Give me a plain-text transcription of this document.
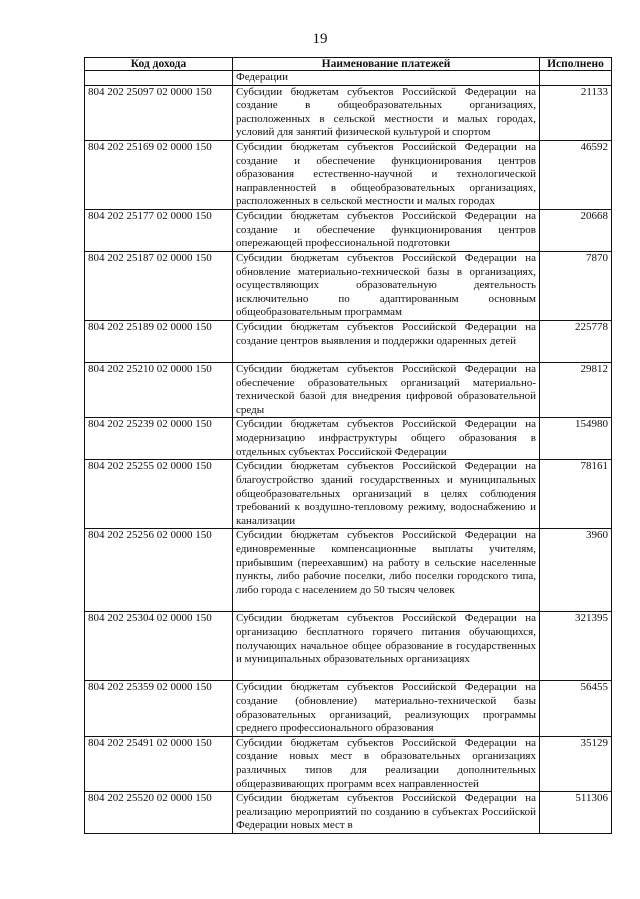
19
Код дохода	Наименование платежей	Исполнено
	Федерации	
804 202 25097 02 0000 150	Субсидии бюджетам субъектов Российской Федерации на создание в общеобразовательных организациях, расположенных в сельской местности и малых городах, условий для занятий физической культурой и спортом	21133
804 202 25169 02 0000 150	Субсидии бюджетам субъектов Российской Федерации на создание и обеспечение функционирования центров образования естественно-научной и технологической направленностей в общеобразовательных организациях, расположенных в сельской местности и малых городах	46592
804 202 25177 02 0000 150	Субсидии бюджетам субъектов Российской Федерации на создание и обеспечение функционирования центров опережающей профессиональной подготовки	20668
804 202 25187 02 0000 150	Субсидии бюджетам субъектов Российской Федерации на обновление материально-технической базы в организациях, осуществляющих образовательную деятельность исключительно по адаптированным основным общеобразовательным программам	7870
804 202 25189 02 0000 150	Субсидии бюджетам субъектов Российской Федерации на создание центров выявления и поддержки одаренных детей	225778
804 202 25210 02 0000 150	Субсидии бюджетам субъектов Российской Федерации на обеспечение образовательных организаций материально-технической базой для внедрения цифровой образовательной среды	29812
804 202 25239 02 0000 150	Субсидии бюджетам субъектов Российской Федерации на модернизацию инфраструктуры общего образования в отдельных субъектах Российской Федерации	154980
804 202 25255 02 0000 150	Субсидии бюджетам субъектов Российской Федерации на благоустройство зданий государственных и муниципальных общеобразовательных организаций в целях соблюдения требований к воздушно-тепловому режиму, водоснабжению и канализации	78161
804 202 25256 02 0000 150	Субсидии бюджетам субъектов Российской Федерации на единовременные компенсационные выплаты учителям, прибывшим (переехавшим) на работу в сельские населенные пункты, либо рабочие поселки, либо поселки городского типа, либо города с населением до 50 тысяч человек	3960
804 202 25304 02 0000 150	Субсидии бюджетам субъектов Российской Федерации на организацию бесплатного горячего питания обучающихся, получающих начальное общее образование в государственных и муниципальных образовательных организациях	321395
804 202 25359 02 0000 150	Субсидии бюджетам субъектов Российской Федерации на создание (обновление) материально-технической базы образовательных организаций, реализующих программы среднего профессионального образования	56455
804 202 25491 02 0000 150	Субсидии бюджетам субъектов Российской Федерации на создание новых мест в образовательных организациях различных типов для реализации дополнительных общеразвивающих программ всех направленностей	35129
804 202 25520 02 0000 150	Субсидии бюджетам субъектов Российской Федерации на реализацию мероприятий по созданию в субъектах Российской Федерации новых мест в	511306
